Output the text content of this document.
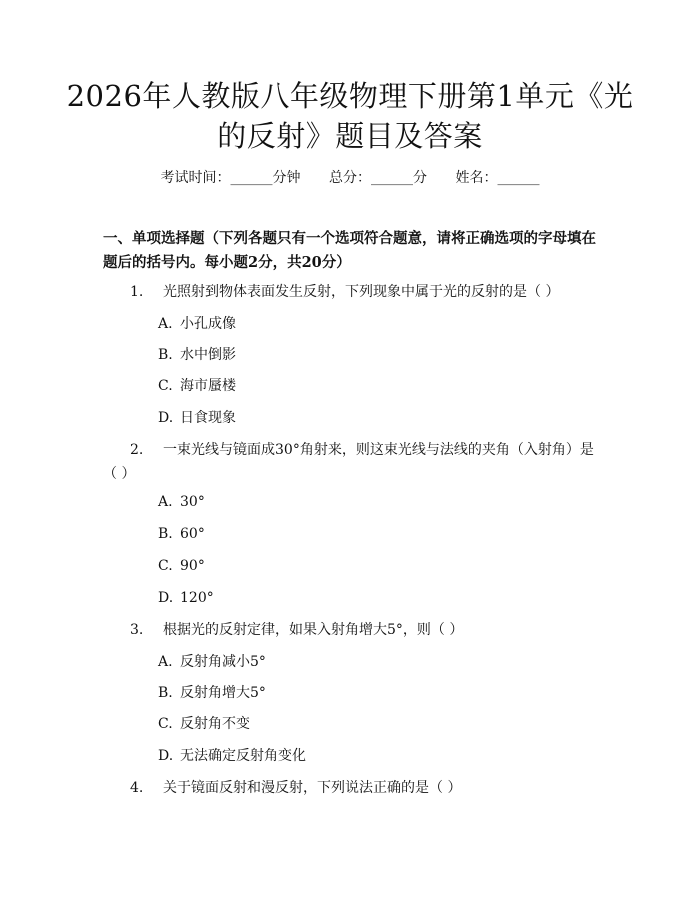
2026年人教版八年级物理下册第1单元《光的反射》题目及答案
考试时间：______分钟 总分：______分 姓名：______
一、单项选择题（下列各题只有一个选项符合题意，请将正确选项的字母填在题后的括号内。每小题2分，共20分）
1. 光照射到物体表面发生反射，下列现象中属于光的反射的是（ ）
A. 小孔成像
B. 水中倒影
C. 海市蜃楼
D. 日食现象
2. 一束光线与镜面成30°角射来，则这束光线与法线的夹角（入射角）是（ ）
A. 30°
B. 60°
C. 90°
D. 120°
3. 根据光的反射定律，如果入射角增大5°，则（ ）
A. 反射角减小5°
B. 反射角增大5°
C. 反射角不变
D. 无法确定反射角变化
4. 关于镜面反射和漫反射，下列说法正确的是（ ）
